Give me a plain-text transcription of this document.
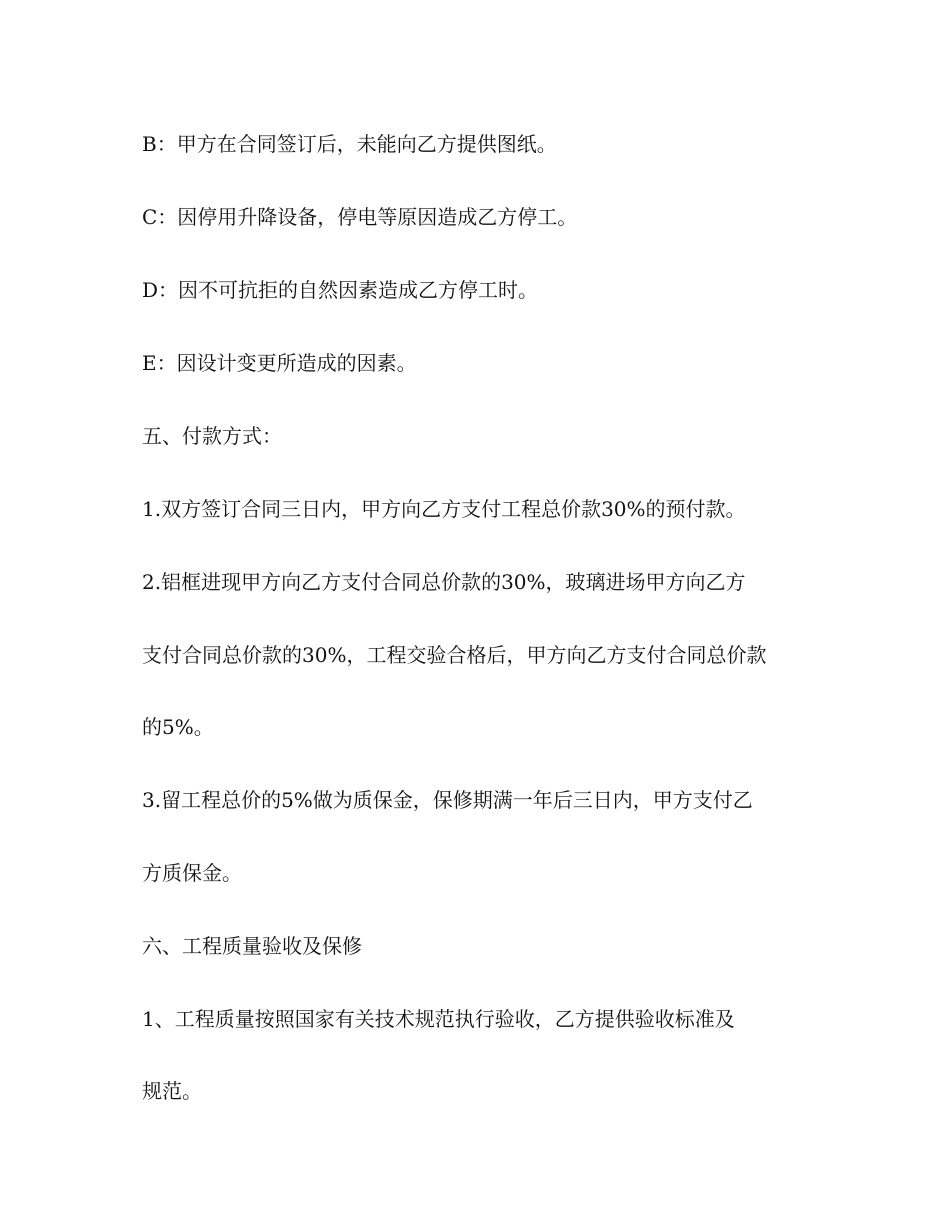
B：甲方在合同签订后，未能向乙方提供图纸。
C：因停用升降设备，停电等原因造成乙方停工。
D：因不可抗拒的自然因素造成乙方停工时。
E：因设计变更所造成的因素。
五、付款方式：
1.双方签订合同三日内，甲方向乙方支付工程总价款30%的预付款。
2.铝框进现甲方向乙方支付合同总价款的30%，玻璃进场甲方向乙方
支付合同总价款的30%，工程交验合格后，甲方向乙方支付合同总价款
的5%。
3.留工程总价的5%做为质保金，保修期满一年后三日内，甲方支付乙
方质保金。
六、工程质量验收及保修
1、工程质量按照国家有关技术规范执行验收，乙方提供验收标准及
规范。
